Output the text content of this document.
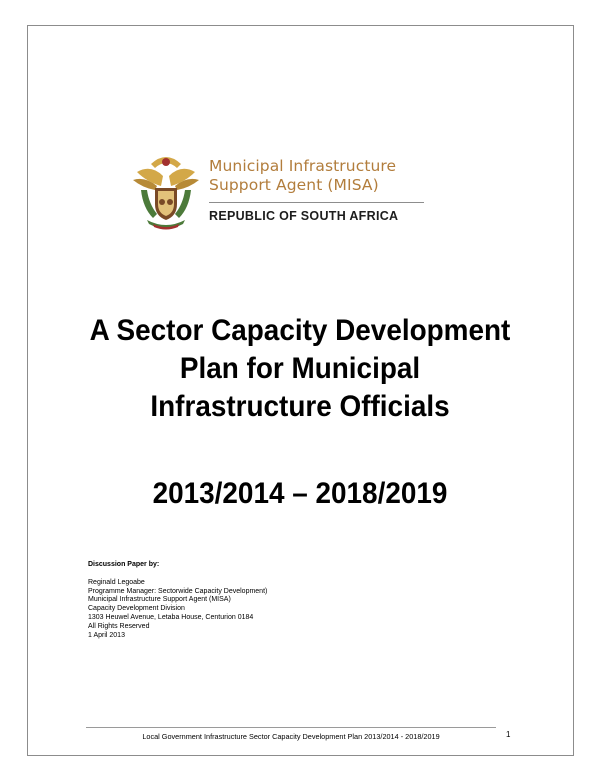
Municipal Infrastructure
Support Agent (MISA)
REPUBLIC OF SOUTH AFRICA
A Sector Capacity Development
Plan for Municipal
Infrastructure Officials
2013/2014 – 2018/2019
Discussion Paper by:
Reginald Legoabe
Programme Manager: Sectorwide Capacity Development)
Municipal Infrastructure Support Agent (MISA)
Capacity Development Division
1303 Heuwel Avenue, Letaba House, Centurion 0184
All Rights Reserved
1 April 2013
Local Government Infrastructure Sector Capacity Development Plan 2013/2014 - 2018/2019	1
